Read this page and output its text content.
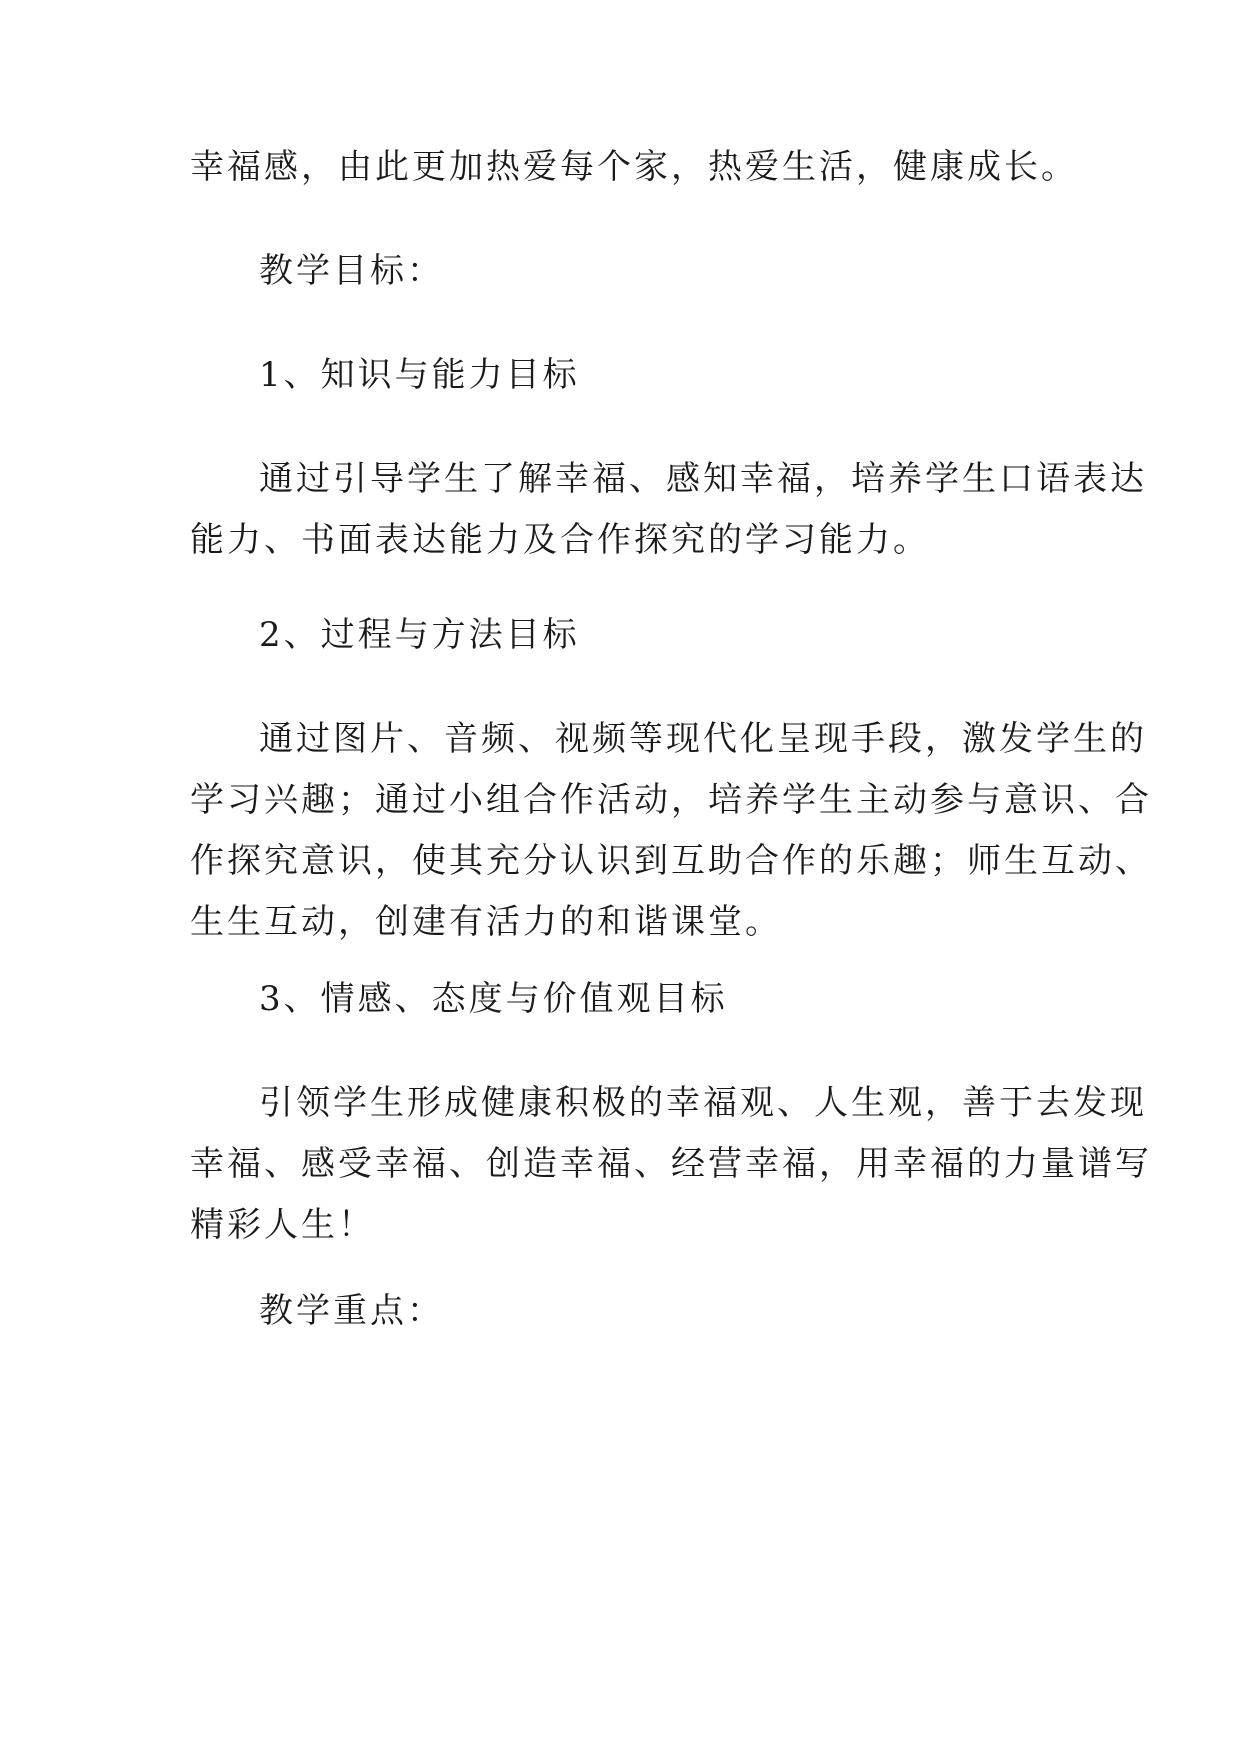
幸福感，由此更加热爱每个家，热爱生活，健康成长。
教学目标：
1、知识与能力目标
通过引导学生了解幸福、感知幸福，培养学生口语表达
能力、书面表达能力及合作探究的学习能力。
2、过程与方法目标
通过图片、音频、视频等现代化呈现手段，激发学生的
学习兴趣；通过小组合作活动，培养学生主动参与意识、合
作探究意识，使其充分认识到互助合作的乐趣；师生互动、
生生互动，创建有活力的和谐课堂。
3、情感、态度与价值观目标
引领学生形成健康积极的幸福观、人生观，善于去发现
幸福、感受幸福、创造幸福、经营幸福，用幸福的力量谱写
精彩人生！
教学重点：
